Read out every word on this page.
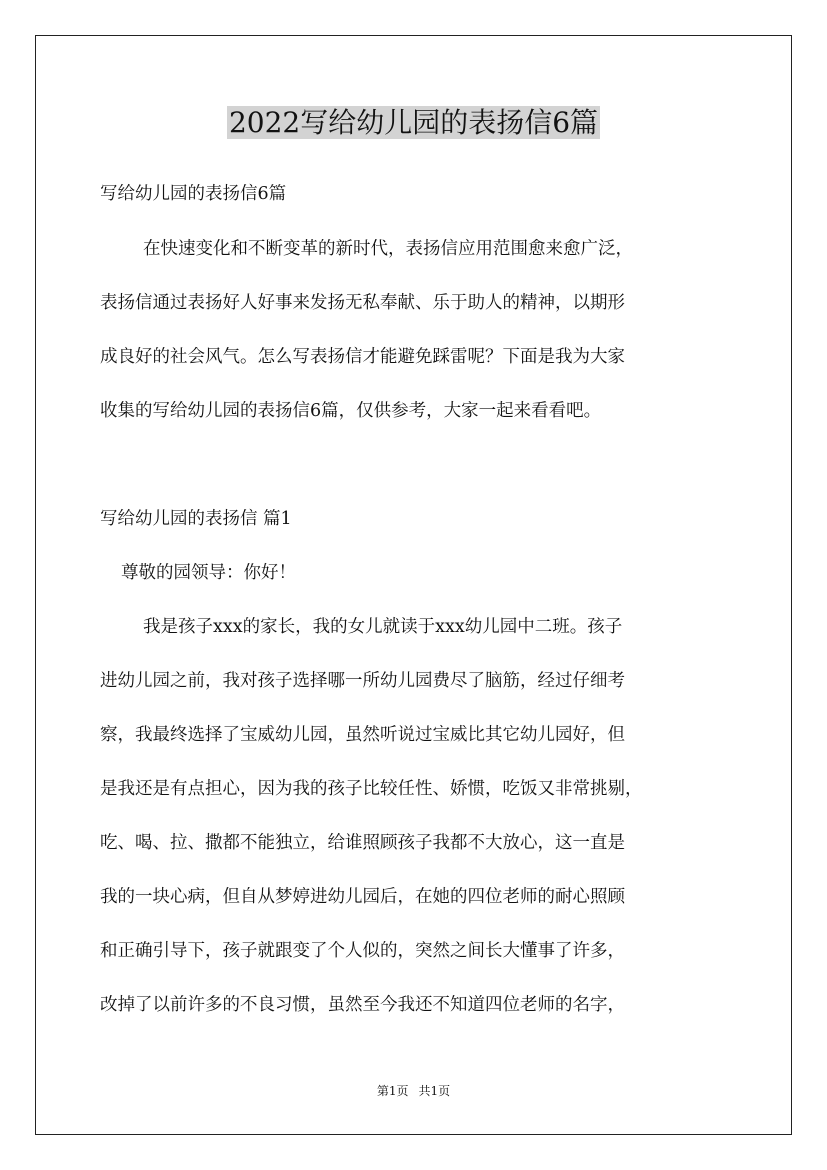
2022写给幼儿园的表扬信6篇
写给幼儿园的表扬信6篇
在快速变化和不断变革的新时代，表扬信应用范围愈来愈广泛，
表扬信通过表扬好人好事来发扬无私奉献、乐于助人的精神，以期形
成良好的社会风气。怎么写表扬信才能避免踩雷呢？下面是我为大家
收集的写给幼儿园的表扬信6篇，仅供参考，大家一起来看看吧。
写给幼儿园的表扬信 篇1
尊敬的园领导：你好！
我是孩子xxx的家长，我的女儿就读于xxx幼儿园中二班。孩子
进幼儿园之前，我对孩子选择哪一所幼儿园费尽了脑筋，经过仔细考
察，我最终选择了宝威幼儿园，虽然听说过宝威比其它幼儿园好，但
是我还是有点担心，因为我的孩子比较任性、娇惯，吃饭又非常挑剔，
吃、喝、拉、撒都不能独立，给谁照顾孩子我都不大放心，这一直是
我的一块心病，但自从梦婷进幼儿园后，在她的四位老师的耐心照顾
和正确引导下，孩子就跟变了个人似的，突然之间长大懂事了许多，
改掉了以前许多的不良习惯，虽然至今我还不知道四位老师的名字，
第1页 共1页
